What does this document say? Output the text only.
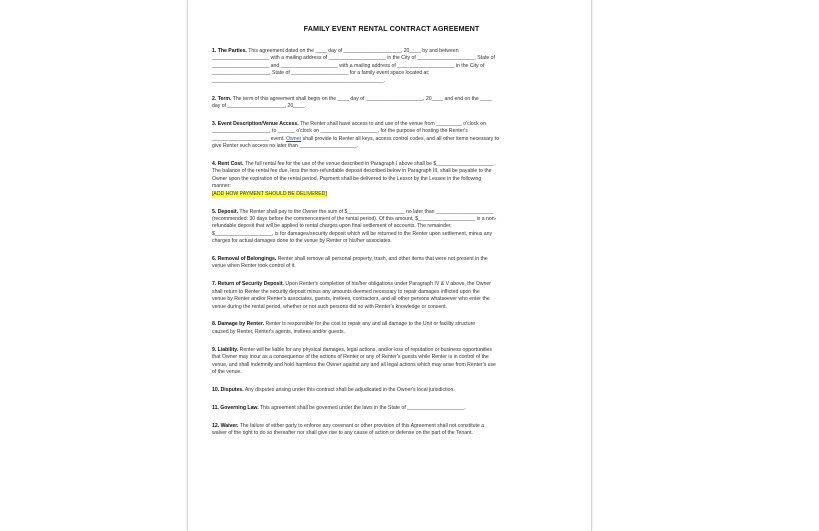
FAMILY EVENT RENTAL CONTRACT AGREEMENT
1. The Parties. This agreement dated on the ____ day of ____________________, 20____ by and between
____________________ with a mailing address of ____________________ in the City of ____________________, State of
____________________ and ____________________ with a mailing address of ____________________ in the City of
____________________, State of ____________________ for a family event space located at:
____________________________________________________________.
2. Term. The term of this agreement shall begin on the ____ day of ____________________, 20____ and end on the ____
day of ____________________, 20____.
3. Event Description/Venue Access. The Renter shall have access to and use of the venue from _________ o'clock on
____________________, to ______ o'clock on ____________________, for the purpose of hosting the Renter's
____________________ event. Owner shall provide to Renter all keys, access control codes, and all other items necessary to
give Renter such access no later than ____________________.
4. Rent Cost. The full rental fee for the use of the venue described in Paragraph I above shall be $____________________.
The balance of the rental fee due, less the non-refundable deposit described below in Paragraph III, shall be payable to the
Owner upon the expiration of the rental period. Payment shall be delivered to the Lessor by the Lessee in the following
manner:
[ADD HOW PAYMENT SHOULD BE DELIVERED]
5. Deposit. The Renter shall pay to the Owner the sum of $____________________ no later than ____________________
(recommended: 30 days before the commencement of the rental period). Of this amount, $____________________ is a non-
refundable deposit that will be applied to rental charges upon final settlement of accounts. The remainder,
$____________________, is for damages/security deposit which will be returned to the Renter upon settlement, minus any
charges for actual damages done to the venue by Renter or his/her associates.
6. Removal of Belongings. Renter shall remove all personal property, trash, and other items that were not present in the
venue when Renter took control of it.
7. Return of Security Deposit. Upon Renter's completion of his/her obligations under Paragraph IV & V above, the Owner
shall return to Renter the security deposit minus any amounts deemed necessary to repair damages inflicted upon the
venue by Renter and/or Renter's associates, guests, invitees, contractors, and all other persons whatsoever who enter the
venue during the rental period, whether or not such persons did so with Renter's knowledge or consent.
8. Damage by Renter. Renter is responsible for the cost to repair any and all damage to the Unit or facility structure
caused by Renter, Renter's agents, invitees and/or guests.
9. Liability. Renter will be liable for any physical damages, legal actions, and/or loss of reputation or business opportunities
that Owner may incur as a consequence of the actions of Renter or any of Renter's guests while Renter is in control of the
venue, and shall indemnify and hold harmless the Owner against any and all legal actions which may arise from Renter's use
of the venue.
10. Disputes. Any disputes arising under this contract shall be adjudicated in the Owner's local jurisdiction.
11. Governing Law. This agreement shall be governed under the laws in the State of ____________________.
12. Waiver. The failure of either party to enforce any covenant or other provision of this Agreement shall not constitute a
waiver of the right to do so thereafter nor shall give rise to any cause of action or defense on the part of the Tenant.
